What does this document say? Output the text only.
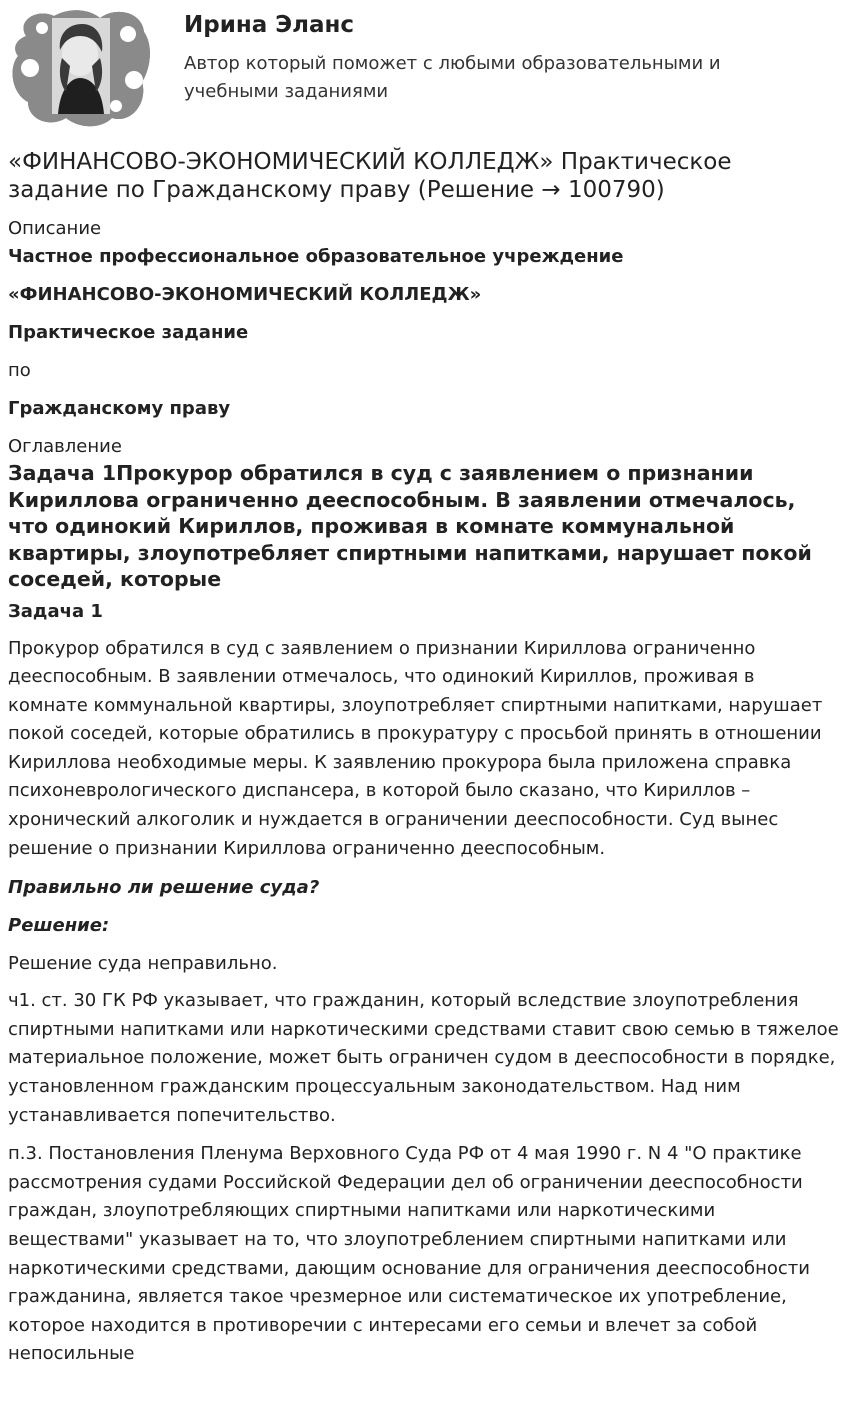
Ирина Эланс

Автор который поможет с любыми образовательными и учебными заданиями

«ФИНАНСОВО-ЭКОНОМИЧЕСКИЙ КОЛЛЕДЖ» Практическое задание по Гражданскому праву (Решение → 100790)

Описание

Частное профессиональное образовательное учреждение

«ФИНАНСОВО-ЭКОНОМИЧЕСКИЙ КОЛЛЕДЖ»

Практическое задание

по

Гражданскому праву

Оглавление

Задача 1Прокурор обратился в суд с заявлением о признании Кириллова ограниченно дееспособным. В заявлении отмечалось, что одинокий Кириллов, проживая в комнате коммунальной квартиры, злоупотребляет спиртными напитками, нарушает покой соседей, которые

Задача 1

Прокурор обратился в суд с заявлением о признании Кириллова ограниченно дееспособным. В заявлении отмечалось, что одинокий Кириллов, проживая в комнате коммунальной квартиры, злоупотребляет спиртными напитками, нарушает покой соседей, которые обратились в прокуратуру с просьбой принять в отношении Кириллова необходимые меры. К заявлению прокурора была приложена справка психоневрологического диспансера, в которой было сказано, что Кириллов – хронический алкоголик и нуждается в ограничении дееспособности. Суд вынес решение о признании Кириллова ограниченно дееспособным.

Правильно ли решение суда?

Решение:

Решение суда неправильно.

ч1. ст. 30 ГК РФ указывает, что гражданин, который вследствие злоупотребления спиртными напитками или наркотическими средствами ставит свою семью в тяжелое материальное положение, может быть ограничен судом в дееспособности в порядке, установленном гражданским процессуальным законодательством. Над ним устанавливается попечительство.

п.3. Постановления Пленума Верховного Суда РФ от 4 мая 1990 г. N 4 "О практике рассмотрения судами Российской Федерации дел об ограничении дееспособности граждан, злоупотребляющих спиртными напитками или наркотическими веществами" указывает на то, что злоупотреблением спиртными напитками или наркотическими средствами, дающим основание для ограничения дееспособности гражданина, является такое чрезмерное или систематическое их употребление, которое находится в противоречии с интересами его семьи и влечет за собой непосильные
